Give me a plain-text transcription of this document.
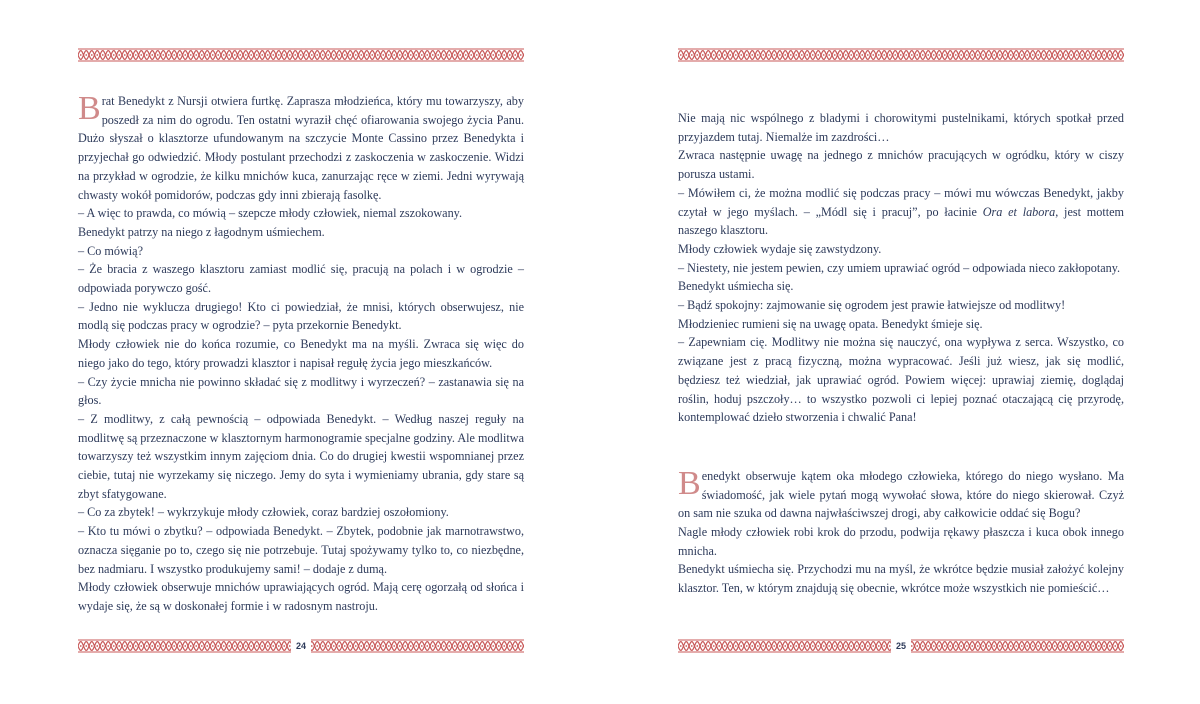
Brat Benedykt z Nursji otwiera furtkę. Zaprasza młodzieńca, który mu towarzyszy, aby poszedł za nim do ogrodu. Ten ostatni wyraził chęć ofiarowania swojego życia Panu. Dużo słyszał o klasztorze ufundowanym na szczycie Monte Cassino przez Benedykta i przyjechał go odwiedzić. Młody postulant przechodzi z zaskoczenia w zaskoczenie. Widzi na przykład w ogrodzie, że kilku mnichów kuca, zanurzając ręce w ziemi. Jedni wyrywają chwasty wokół pomidorów, podczas gdy inni zbierają fasolkę.

– A więc to prawda, co mówią – szepcze młody człowiek, niemal zszokowany.

Benedykt patrzy na niego z łagodnym uśmiechem.

– Co mówią?

– Że bracia z waszego klasztoru zamiast modlić się, pracują na polach i w ogrodzie – odpowiada porywczo gość.

– Jedno nie wyklucza drugiego! Kto ci powiedział, że mnisi, których obserwujesz, nie modlą się podczas pracy w ogrodzie? – pyta przekornie Benedykt.

Młody człowiek nie do końca rozumie, co Benedykt ma na myśli. Zwraca się więc do niego jako do tego, który prowadzi klasztor i napisał regułę życia jego mieszkańców.

– Czy życie mnicha nie powinno składać się z modlitwy i wyrzeczeń? – zastanawia się na głos.

– Z modlitwy, z całą pewnością – odpowiada Benedykt. – Według naszej reguły na modlitwę są przeznaczone w klasztornym harmonogramie specjalne godziny. Ale modlitwa towarzyszy też wszystkim innym zajęciom dnia. Co do drugiej kwestii wspomnianej przez ciebie, tutaj nie wyrzekamy się niczego. Jemy do syta i wymieniamy ubrania, gdy stare są zbyt sfatygowane.

– Co za zbytek! – wykrzykuje młody człowiek, coraz bardziej oszołomiony.

– Kto tu mówi o zbytku? – odpowiada Benedykt. – Zbytek, podobnie jak marnotrawstwo, oznacza sięganie po to, czego się nie potrzebuje. Tutaj spożywamy tylko to, co niezbędne, bez nadmiaru. I wszystko produkujemy sami! – dodaje z dumą.

Młody człowiek obserwuje mnichów uprawiających ogród. Mają cerę ogorzałą od słońca i wydaje się, że są w doskonałej formie i w radosnym nastroju.

24

Nie mają nic wspólnego z bladymi i chorowitymi pustelnikami, których spotkał przed przyjazdem tutaj. Niemalże im zazdrości…

Zwraca następnie uwagę na jednego z mnichów pracujących w ogródku, który w ciszy porusza ustami.

– Mówiłem ci, że można modlić się podczas pracy – mówi mu wówczas Benedykt, jakby czytał w jego myślach. – „Módl się i pracuj”, po łacinie Ora et labora, jest mottem naszego klasztoru.

Młody człowiek wydaje się zawstydzony.

– Niestety, nie jestem pewien, czy umiem uprawiać ogród – odpowiada nieco zakłopotany.

Benedykt uśmiecha się.

– Bądź spokojny: zajmowanie się ogrodem jest prawie łatwiejsze od modlitwy!

Młodzieniec rumieni się na uwagę opata. Benedykt śmieje się.

– Zapewniam cię. Modlitwy nie można się nauczyć, ona wypływa z serca. Wszystko, co związane jest z pracą fizyczną, można wypracować. Jeśli już wiesz, jak się modlić, będziesz też wiedział, jak uprawiać ogród. Powiem więcej: uprawiaj ziemię, doglądaj roślin, hoduj pszczoły… to wszystko pozwoli ci lepiej poznać otaczającą cię przyrodę, kontemplować dzieło stworzenia i chwalić Pana!

Benedykt obserwuje kątem oka młodego człowieka, którego do niego wysłano. Ma świadomość, jak wiele pytań mogą wywołać słowa, które do niego skierował. Czyż on sam nie szuka od dawna najwłaściwszej drogi, aby całkowicie oddać się Bogu?

Nagle młody człowiek robi krok do przodu, podwija rękawy płaszcza i kuca obok innego mnicha.

Benedykt uśmiecha się. Przychodzi mu na myśl, że wkrótce będzie musiał założyć kolejny klasztor. Ten, w którym znajdują się obecnie, wkrótce może wszystkich nie pomieścić…

25
